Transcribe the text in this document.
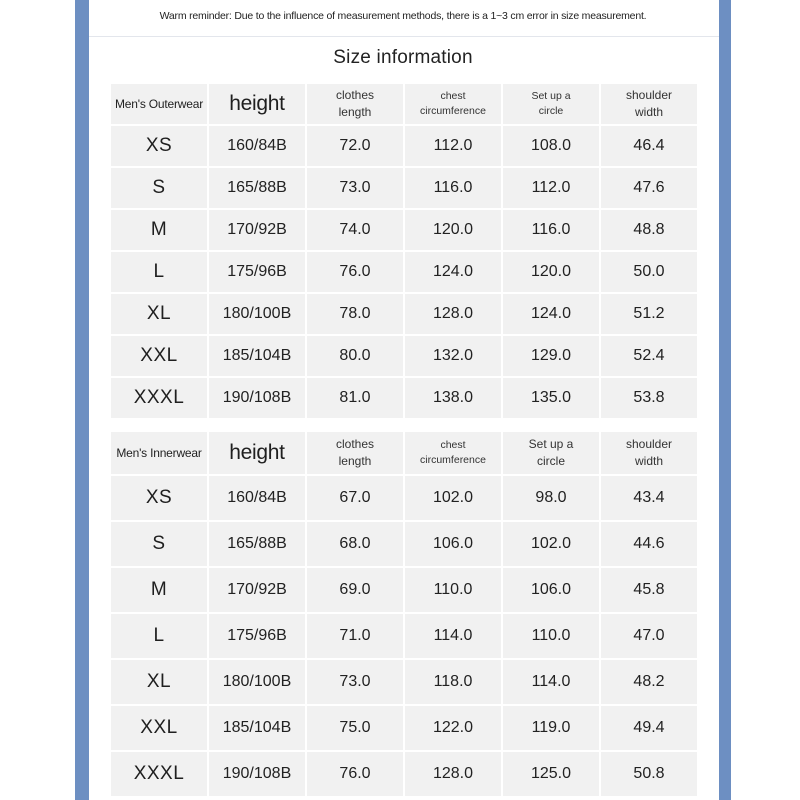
Warm reminder: Due to the influence of measurement methods, there is a 1~3 cm error in size measurement.
Size information
Men's Outerwear	height	clothes length	chest circumference	Set up a circle	shoulder width

XS	160/84B	72.0	112.0	108.0	46.4
S	165/88B	73.0	116.0	112.0	47.6
M	170/92B	74.0	120.0	116.0	48.8
L	175/96B	76.0	124.0	120.0	50.0
XL	180/100B	78.0	128.0	124.0	51.2
XXL	185/104B	80.0	132.0	129.0	52.4
XXXL	190/108B	81.0	138.0	135.0	53.8
Men's Innerwear	height	clothes length	chest circumference	Set up a circle	shoulder width

XS	160/84B	67.0	102.0	98.0	43.4
S	165/88B	68.0	106.0	102.0	44.6
M	170/92B	69.0	110.0	106.0	45.8
L	175/96B	71.0	114.0	110.0	47.0
XL	180/100B	73.0	118.0	114.0	48.2
XXL	185/104B	75.0	122.0	119.0	49.4
XXXL	190/108B	76.0	128.0	125.0	50.8
